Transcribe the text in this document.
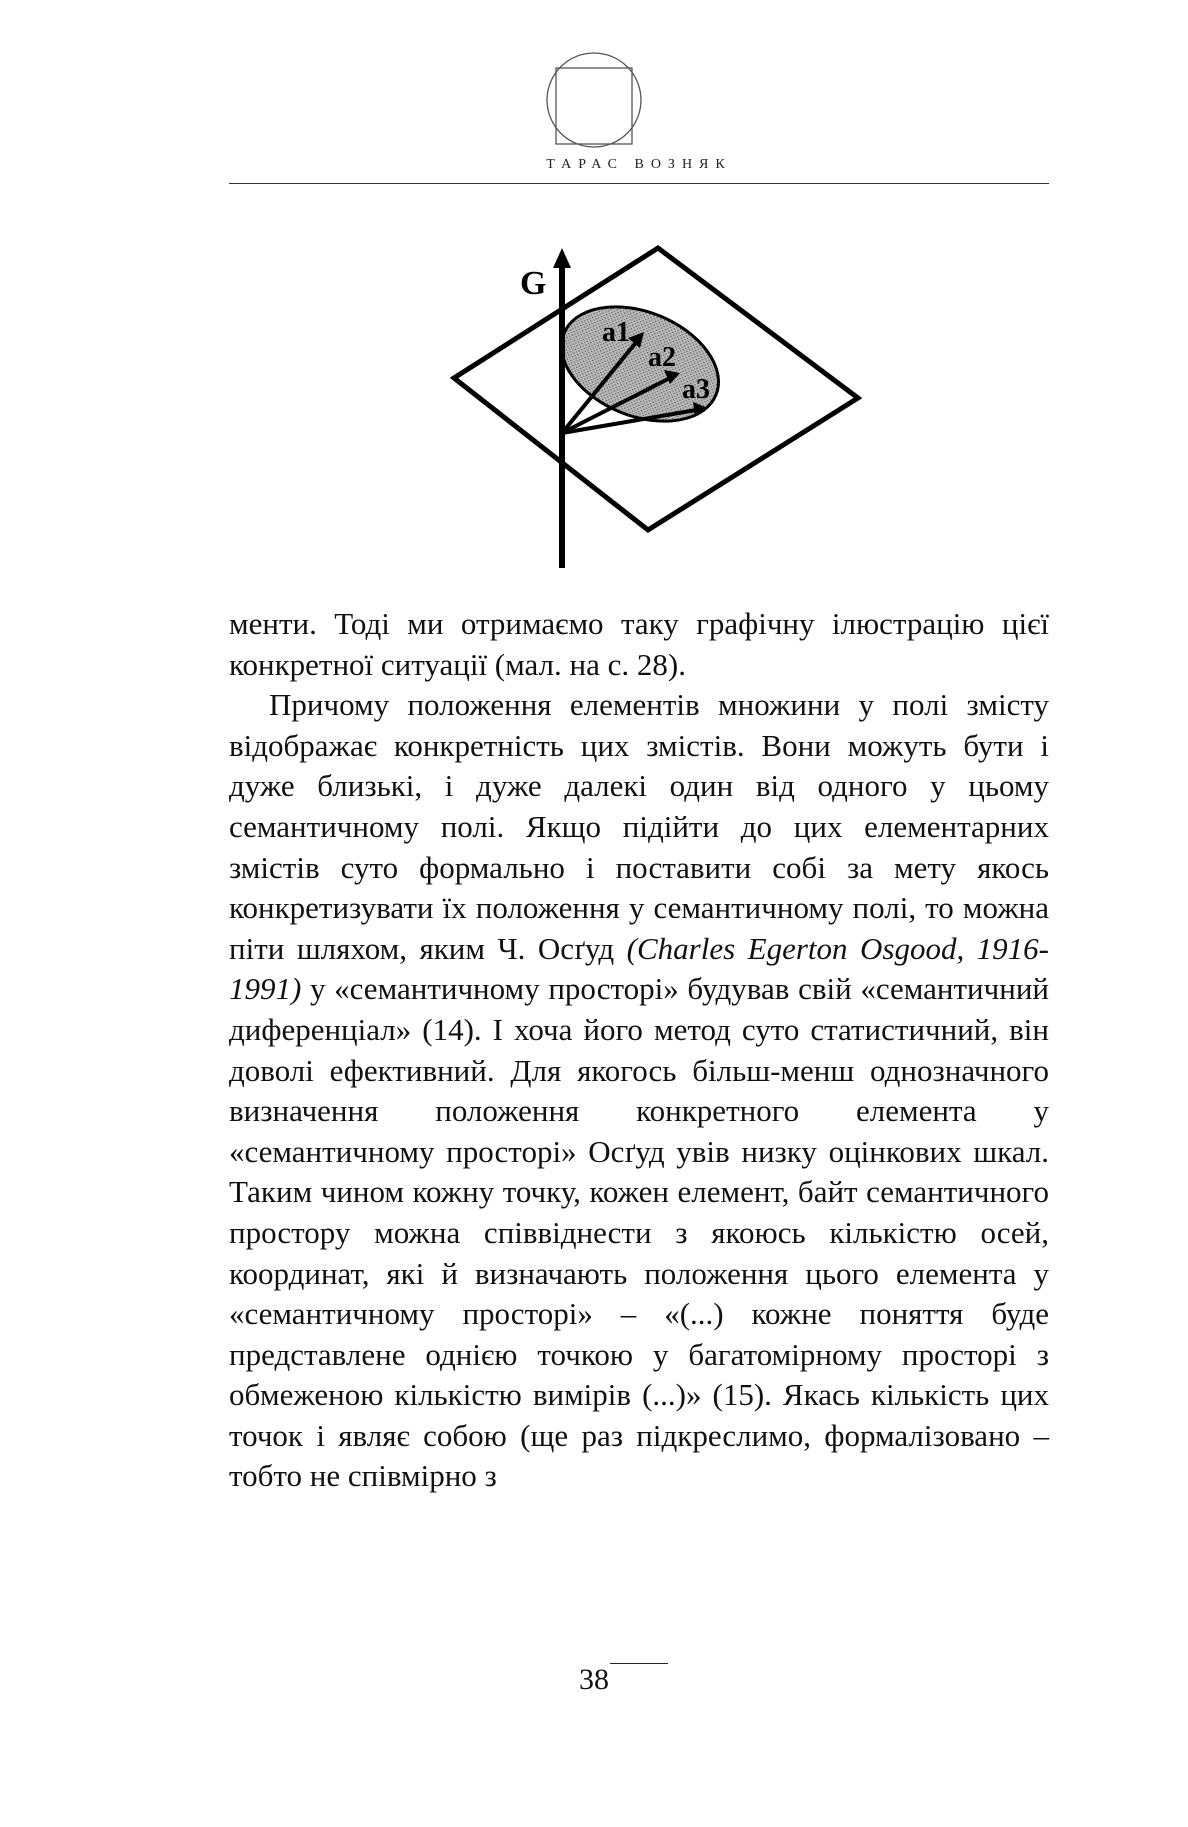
ТАРАС ВОЗНЯК
G
a1
a2
a3

менти. Тоді ми отримаємо таку графічну ілюстрацію цієї конкретної ситуації (мал. на с. 28).

Причому положення елементів множини у полі змісту відображає конкретність цих змістів. Вони можуть бути і дуже близькі, і дуже далекі один від одного у цьому семантичному полі. Якщо підійти до цих елементарних змістів суто формально і поставити собі за мету якось конкретизувати їх положення у семантичному полі, то можна піти шляхом, яким Ч. Осґуд (Charles Egerton Osgood, 1916-1991) у «семантичному просторі» будував свій «семантичний диференціал» (14). І хоча його метод суто статистичний, він доволі ефективний. Для якогось більш-менш однозначного визначення положення конкретного елемента у «семантичному просторі» Осґуд увів низку оцінкових шкал. Таким чином кожну точку, кожен елемент, байт семантичного простору можна співвіднести з якоюсь кількістю осей, координат, які й визначають положення цього елемента у «семантичному просторі» – «(...) кожне поняття буде представлене однією точкою у багатомірному просторі з обмеженою кількістю вимірів (...)» (15). Якась кількість цих точок і являє собою (ще раз підкреслимо, формалізовано – тобто не співмірно з

38
